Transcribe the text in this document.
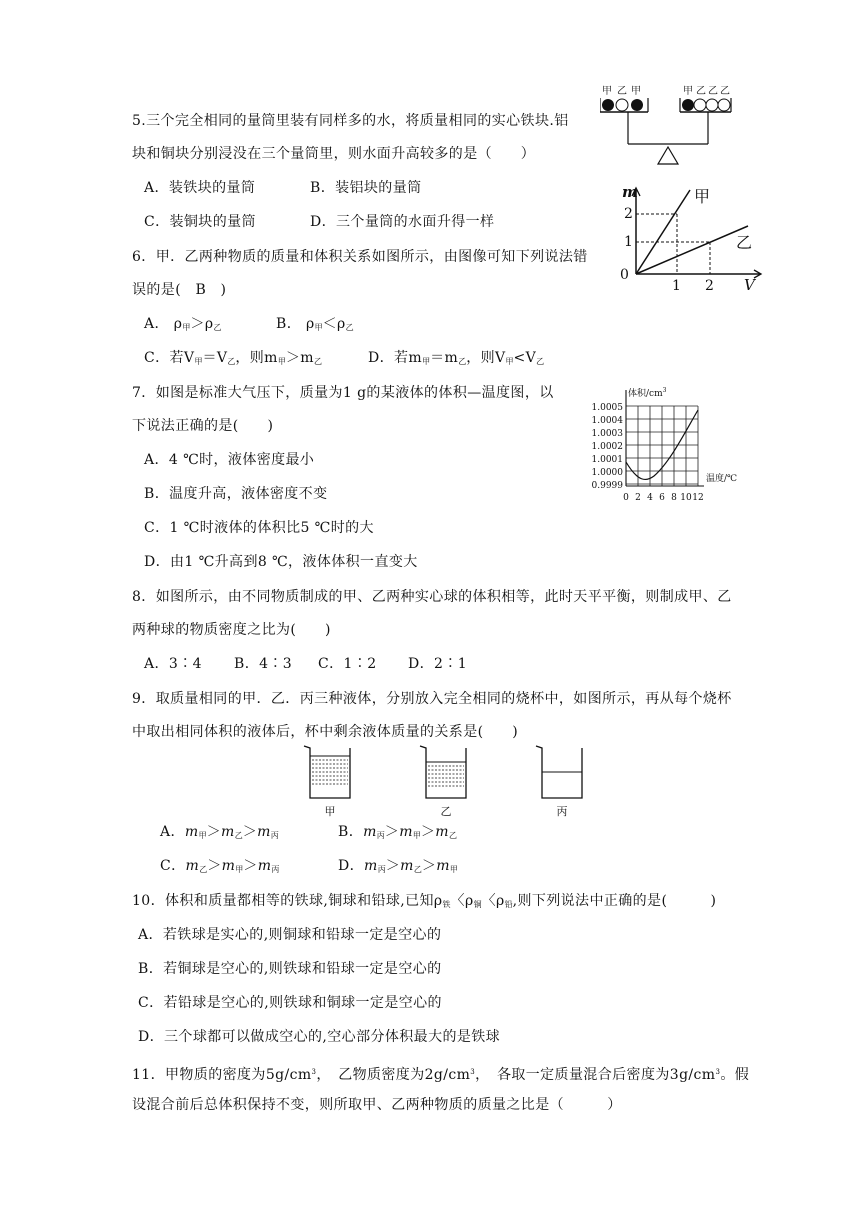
5.三个完全相同的量筒里装有同样多的水，将质量相同的实心铁块.铝
块和铜块分别浸没在三个量筒里，则水面升高较多的是（　　）
A．装铁块的量筒	B．装铝块的量筒
C．装铜块的量筒	D．三个量筒的水面升得一样
6．甲．乙两种物质的质量和体积关系如图所示，由图像可知下列说法错
误的是(　B　)
A． $\rho_甲>\rho_乙$	B． $\rho_甲<\rho_乙$
C．若$V_甲=V_乙$，则$m_甲>m_乙$	D．若$m_甲=m_乙$，则$V_甲<V_乙$
7．如图是标准大气压下，质量为1 g的某液体的体积—温度图，以
下说法正确的是(　　)
A．4 ℃时，液体密度最小
B．温度升高，液体密度不变
C．1 ℃时液体的体积比5 ℃时的大
D．由1 ℃升高到8 ℃，液体体积一直变大
8．如图所示，由不同物质制成的甲、乙两种实心球的体积相等，此时天平平衡，则制成甲、乙
两种球的物质密度之比为(　　)
A．3∶4 B．4∶3 C．1∶2 D．2∶1
9．取质量相同的甲．乙．丙三种液体，分别放入完全相同的烧杯中，如图所示，再从每个烧杯
中取出相同体积的液体后，杯中剩余液体质量的关系是(　　)
甲	乙	丙
A．$m_甲>m_乙>m_丙$	B．$m_丙>m_甲>m_乙$
C．$m_乙>m_甲>m_丙$	D．$m_丙>m_乙>m_甲$
10．体积和质量都相等的铁球,铜球和铅球,已知$\rho_铁$〈$\rho_铜$〈$\rho_铅$,则下列说法中正确的是(　　　)
A．若铁球是实心的,则铜球和铅球一定是空心的
B．若铜球是空心的,则铁球和铅球一定是空心的
C．若铅球是空心的,则铁球和铜球一定是空心的
D．三个球都可以做成空心的,空心部分体积最大的是铁球
11．甲物质的密度为$5g/cm^3$，　乙物质密度为$2g/cm^3$，　各取一定质量混合后密度为$3g/cm^3$。假
设混合前后总体积保持不变，则所取甲、乙两种物质的质量之比是（　　　）
甲 乙 甲	甲 乙 乙 乙
m
V
0
1
2
1 2
甲
乙
体积$/cm^3$
温度/℃
1.0005
1.0004
1.0003
1.0002
1.0001
1.0000
0.9999
0 2 4 6 8 10 12
